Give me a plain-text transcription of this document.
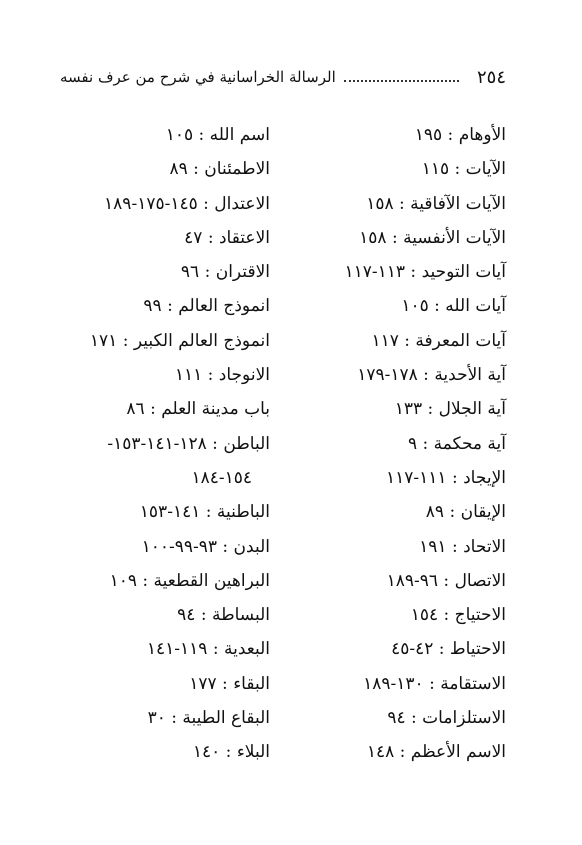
٢٥٤
الرسالة الخراسانية في شرح من عرف نفسه
الأوهام : ١٩٥
الآيات : ١١٥
الآيات الآفاقية : ١٥٨
الآيات الأنفسية : ١٥٨
آيات التوحيد : ١١٣-١١٧
آيات الله : ١٠٥
آيات المعرفة : ١١٧
آية الأحدية : ١٧٨-١٧٩
آية الجلال : ١٣٣
آية محكمة : ٩
الإيجاد : ١١١-١١٧
الإيقان : ٨٩
الاتحاد : ١٩١
الاتصال : ٩٦-١٨٩
الاحتياج : ١٥٤
الاحتياط : ٤٢-٤٥
الاستقامة : ١٣٠-١٨٩
الاستلزامات : ٩٤
الاسم الأعظم : ١٤٨
اسم الله : ١٠٥
الاطمئنان : ٨٩
الاعتدال : ١٤٥-١٧٥-١٨٩
الاعتقاد : ٤٧
الاقتران : ٩٦
انموذج العالم : ٩٩
انموذج العالم الكبير : ١٧١
الانوجاد : ١١١
باب مدينة العلم : ٨٦
الباطن : ١٢٨-١٤١-١٥٣-
١٥٤-١٨٤
الباطنية : ١٤١-١٥٣
البدن : ٩٣-٩٩-١٠٠
البراهين القطعية : ١٠٩
البساطة : ٩٤
البعدية : ١١٩-١٤١
البقاء : ١٧٧
البقاع الطيبة : ٣٠
البلاء : ١٤٠
